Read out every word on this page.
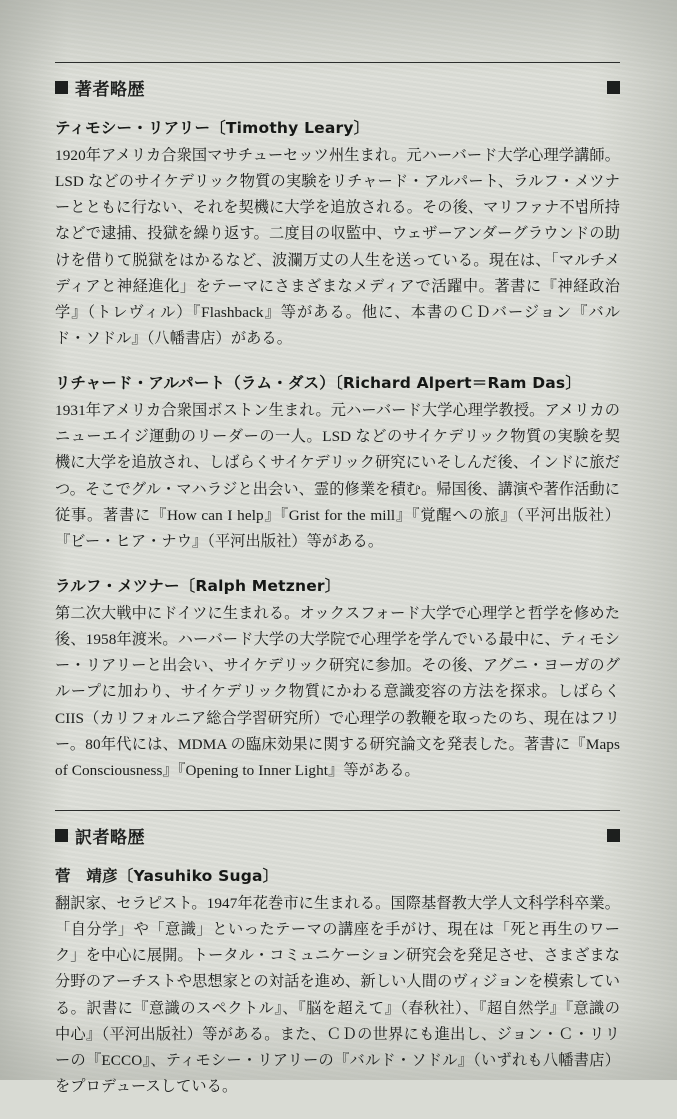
著者略歴
ティモシー・リアリー〔Timothy Leary〕
1920年アメリカ合衆国マサチューセッツ州生まれ。元ハーバード大学心理学講師。LSD などのサイケデリック物質の実験をリチャード・アルパート、ラルフ・メツナーとともに行ない、それを契機に大学を追放される。その後、マリファナ不법所持などで逮捕、投獄を繰り返す。二度目の収監中、ウェザーアンダーグラウンドの助けを借りて脱獄をはかるなど、波瀾万丈の人生を送っている。現在は、「マルチメディアと神経進化」をテーマにさまざまなメディアで活躍中。著書に『神経政治学』（トレヴィル）『Flashback』等がある。他に、本書のＣＤバージョン『バルド・ソドル』（八幡書店）がある。
リチャード・アルパート（ラム・ダス）〔Richard Alpert＝Ram Das〕
1931年アメリカ合衆国ボストン生まれ。元ハーバード大学心理学教授。アメリカのニューエイジ運動のリーダーの一人。LSD などのサイケデリック物質の実験を契機に大学を追放され、しばらくサイケデリック研究にいそしんだ後、インドに旅だつ。そこでグル・マハラジと出会い、霊的修業を積む。帰国後、講演や著作活動に従事。著書に『How can I help』『Grist for the mill』『覚醒への旅』（平河出版社）『ビー・ヒア・ナウ』（平河出版社）等がある。
ラルフ・メツナー〔Ralph Metzner〕
第二次大戦中にドイツに生まれる。オックスフォード大学で心理学と哲学を修めた後、1958年渡米。ハーバード大学の大学院で心理学を学んでいる最中に、ティモシー・リアリーと出会い、サイケデリック研究に参加。その後、アグニ・ヨーガのグループに加わり、サイケデリック物質にかわる意識変容の方法を探求。しばらく CIIS（カリフォルニア総合学習研究所）で心理学の教鞭を取ったのち、現在はフリー。80年代には、MDMA の臨床効果に関する研究論文を発表した。著書に『Maps of Consciousness』『Opening to Inner Light』等がある。
訳者略歴
菅　靖彦〔Yasuhiko Suga〕
翻訳家、セラピスト。1947年花巻市に生まれる。国際基督教大学人文科学科卒業。「自分学」や「意識」といったテーマの講座を手がけ、現在は「死と再生のワーク」を中心に展開。トータル・コミュニケーション研究会を発足させ、さまざまな分野のアーチストや思想家との対話を進め、新しい人間のヴィジョンを模索している。訳書に『意識のスペクトル』、『脳を超えて』（春秋社）、『超自然学』『意識の中心』（平河出版社）等がある。また、ＣＤの世界にも進出し、ジョン・Ｃ・リリーの『ECCO』、ティモシー・リアリーの『バルド・ソドル』（いずれも八幡書店）をプロデュースしている。
